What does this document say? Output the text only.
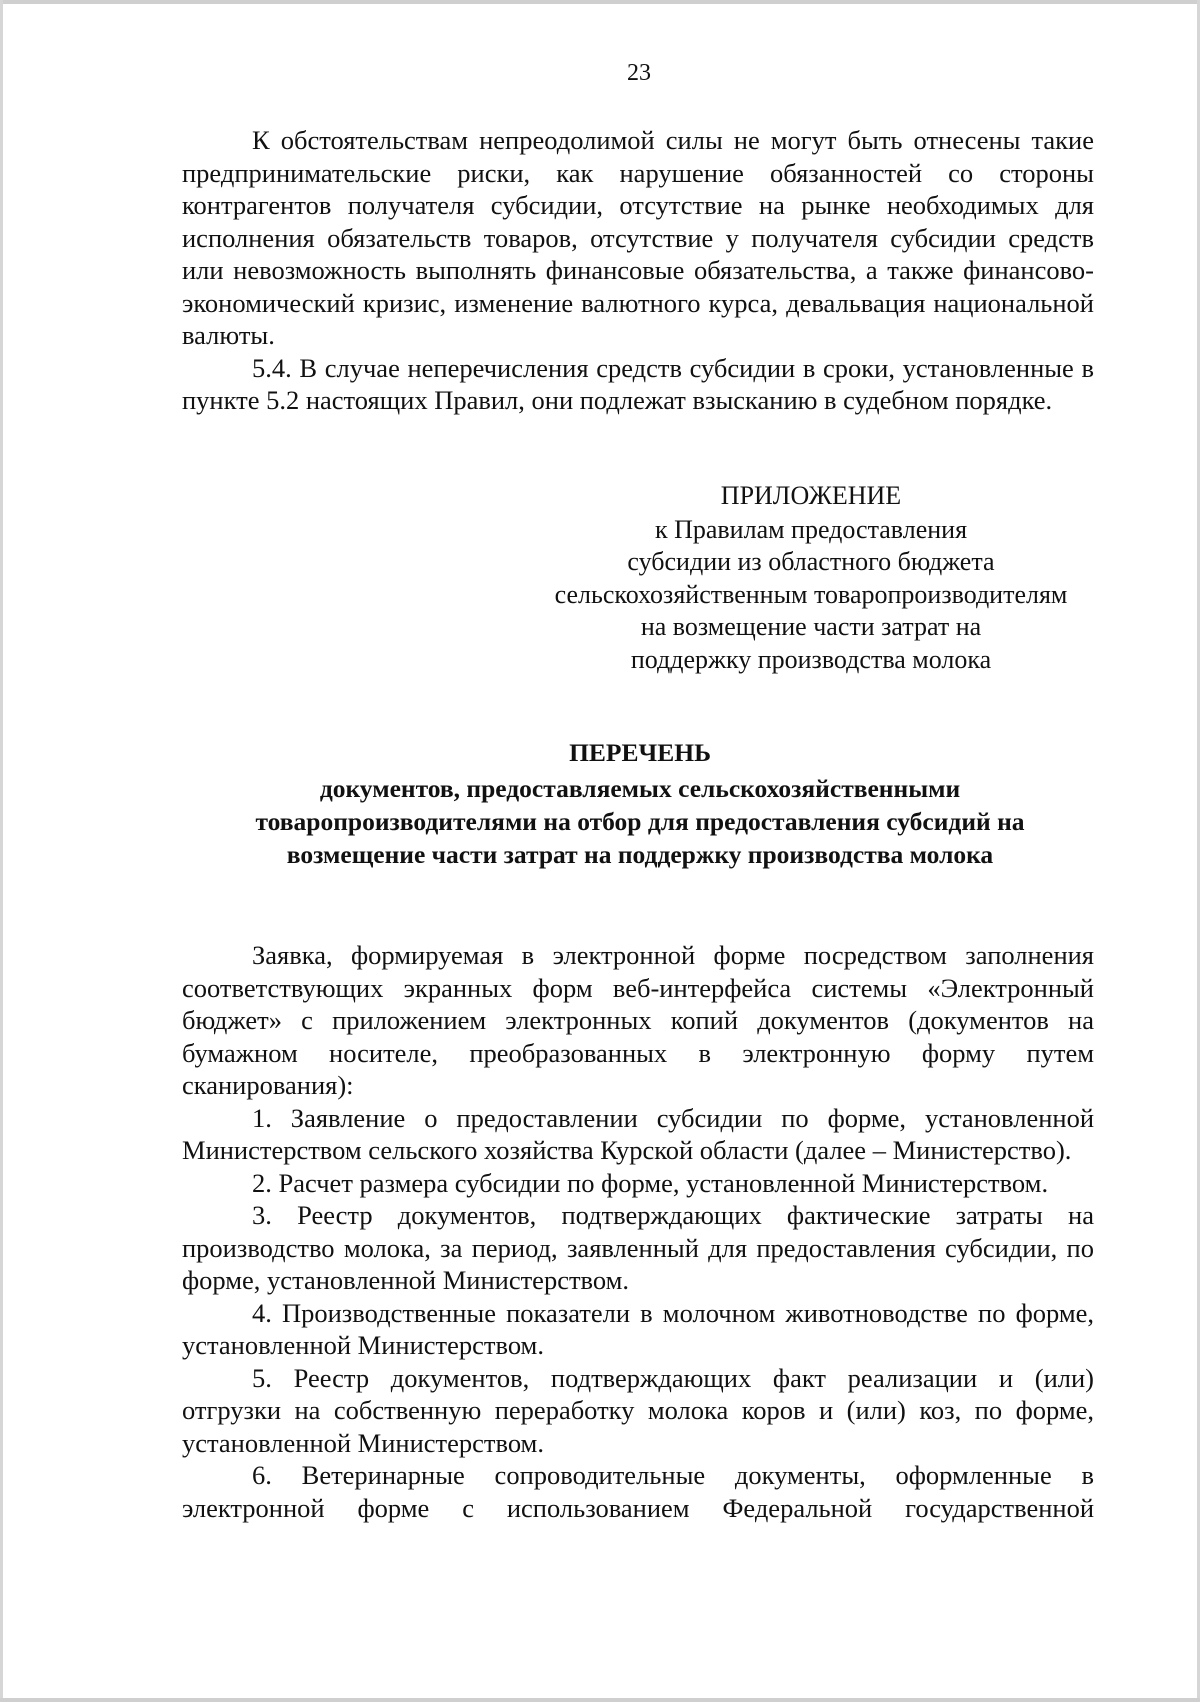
23

К обстоятельствам непреодолимой силы не могут быть отнесены такие предпринимательские риски, как нарушение обязанностей со стороны контрагентов получателя субсидии, отсутствие на рынке необходимых для исполнения обязательств товаров, отсутствие у получателя субсидии средств или невозможность выполнять финансовые обязательства, а также финансово-экономический кризис, изменение валютного курса, девальвация национальной валюты.

5.4. В случае неперечисления средств субсидии в сроки, установленные в пункте 5.2 настоящих Правил, они подлежат взысканию в судебном порядке.

ПРИЛОЖЕНИЕ
к Правилам предоставления
субсидии из областного бюджета
сельскохозяйственным товаропроизводителям
на возмещение части затрат на
поддержку производства молока
ПЕРЕЧЕНЬ
документов, предоставляемых сельскохозяйственными
товаропроизводителями на отбор для предоставления субсидий на
возмещение части затрат на поддержку производства молока

Заявка, формируемая в электронной форме посредством заполнения соответствующих экранных форм веб-интерфейса системы «Электронный бюджет» с приложением электронных копий документов (документов на бумажном носителе, преобразованных в электронную форму путем сканирования):

1. Заявление о предоставлении субсидии по форме, установленной Министерством сельского хозяйства Курской области (далее – Министерство).

2. Расчет размера субсидии по форме, установленной Министерством.

3. Реестр документов, подтверждающих фактические затраты на производство молока, за период, заявленный для предоставления субсидии, по форме, установленной Министерством.

4. Производственные показатели в молочном животноводстве по форме, установленной Министерством.

5. Реестр документов, подтверждающих факт реализации и (или) отгрузки на собственную переработку молока коров и (или) коз, по форме, установленной Министерством.

6. Ветеринарные сопроводительные документы, оформленные в электронной форме с использованием Федеральной государственной
